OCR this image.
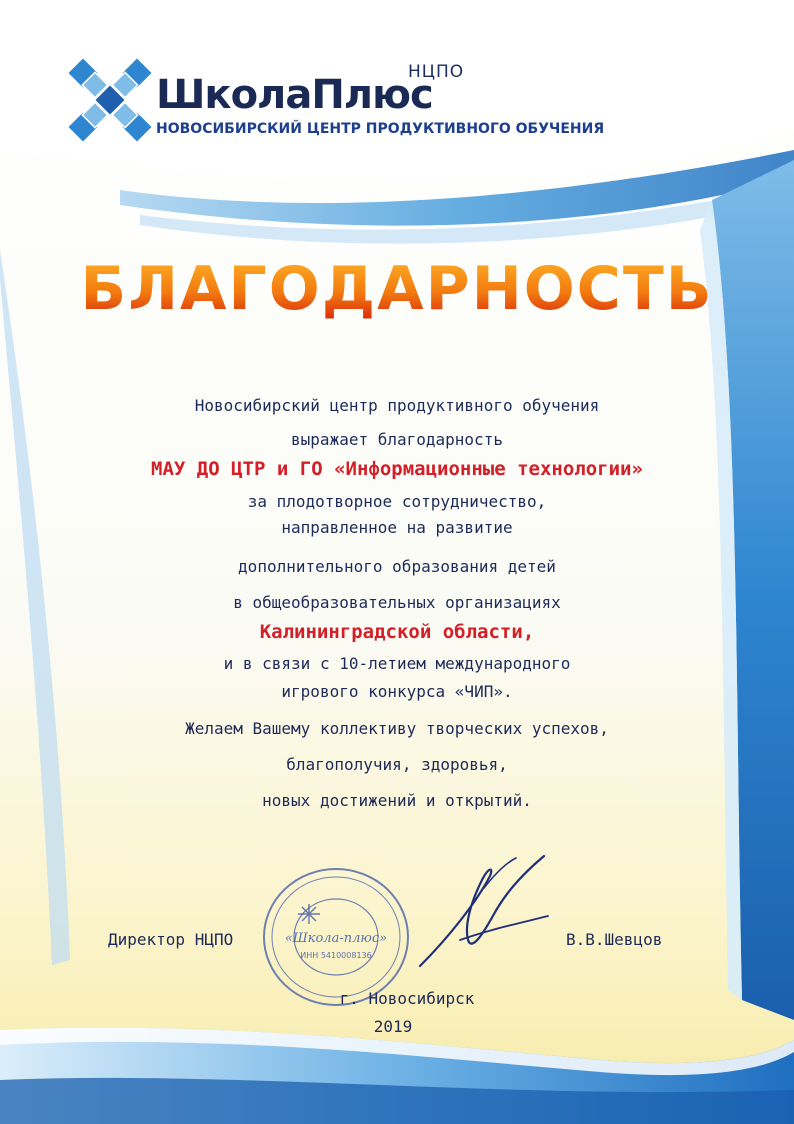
НЦПО
ШколаПлюс
НОВОСИБИРСКИЙ ЦЕНТР ПРОДУКТИВНОГО ОБУЧЕНИЯ
БЛАГОДАРНОСТЬ
Новосибирский центр продуктивного обучения
выражает благодарность
МАУ ДО ЦТР и ГО «Информационные технологии»
за плодотворное сотрудничество,
направленное на развитие
дополнительного образования детей
в общеобразовательных организациях
Калининградской области,
и в связи с 10-летием международного
игрового конкурса «ЧИП».
Желаем Вашему коллективу творческих успехов,
благополучия, здоровья,
новых достижений и открытий.
«Школа-плюс»
ИНН 5410008136
Директор НЦПО	В.В.Шевцов
г. Новосибирск
2019
